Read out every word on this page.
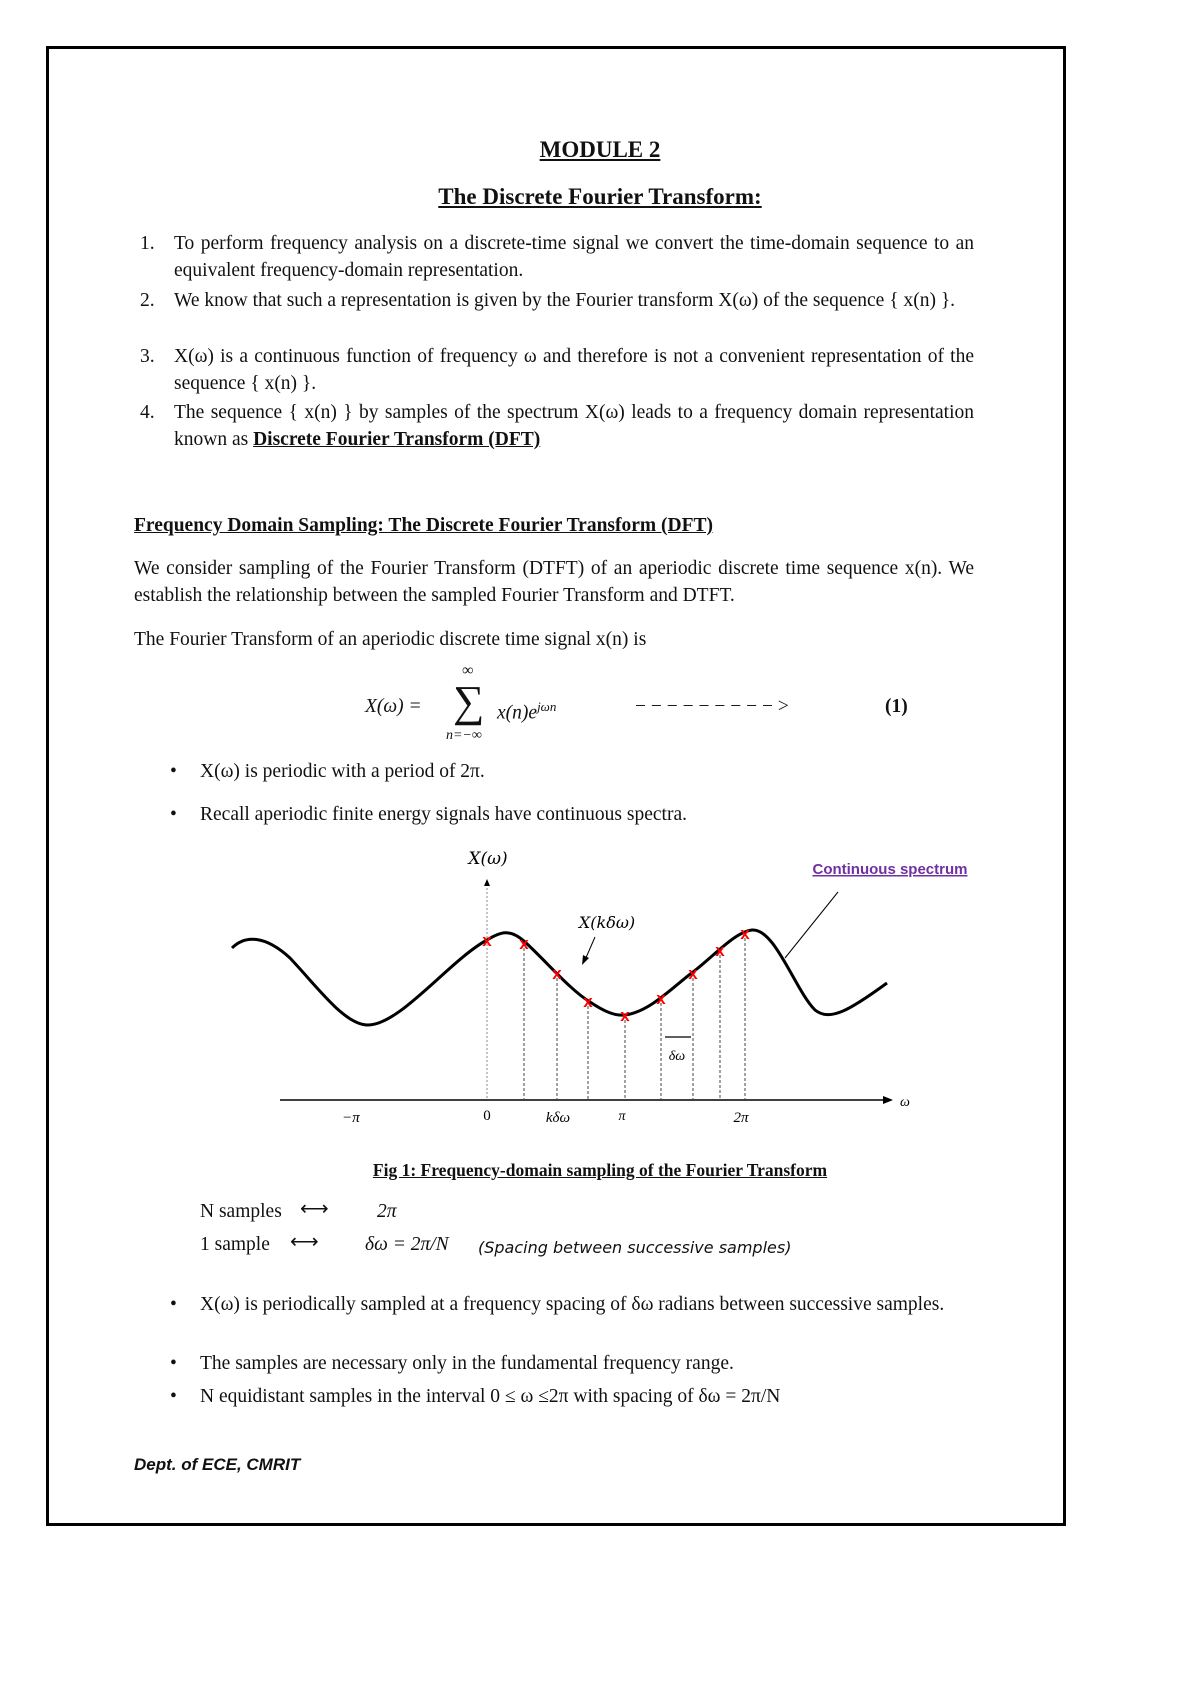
MODULE 2
The Discrete Fourier Transform:
1. To perform frequency analysis on a discrete-time signal we convert the time-domain sequence to an equivalent frequency-domain representation.
2. We know that such a representation is given by the Fourier transform X(ω) of the sequence { x(n) }.
3. X(ω) is a continuous function of frequency ω and therefore is not a convenient representation of the sequence { x(n) }.
4. The sequence { x(n) } by samples of the spectrum X(ω) leads to a frequency domain representation known as Discrete Fourier Transform (DFT)
Frequency Domain Sampling: The Discrete Fourier Transform (DFT)
We consider sampling of the Fourier Transform (DTFT) of an aperiodic discrete time sequence x(n). We establish the relationship between the sampled Fourier Transform and DTFT.
The Fourier Transform of an aperiodic discrete time signal x(n) is
X(ω) =
∞
∑
n=−∞
$x(n)e^{j\omega n}$	− − − − − − − − − >	(1)
• X(ω) is periodic with a period of 2π.
• Recall aperiodic finite energy signals have continuous spectra.
x x
x
x
x
x
x
x
x
X(ω)
X(kδω)
Continuous spectrum
δω
ω
−π	0	kδω	π	2π
Fig 1: Frequency-domain sampling of the Fourier Transform
N samples ⟷ 2π
1 sample ⟷ δω = 2π/N (Spacing between successive samples)
• X(ω) is periodically sampled at a frequency spacing of δω radians between successive samples.
• The samples are necessary only in the fundamental frequency range.
• N equidistant samples in the interval 0 ≤ ω ≤2π with spacing of δω = 2π/N
Dept. of ECE, CMRIT
